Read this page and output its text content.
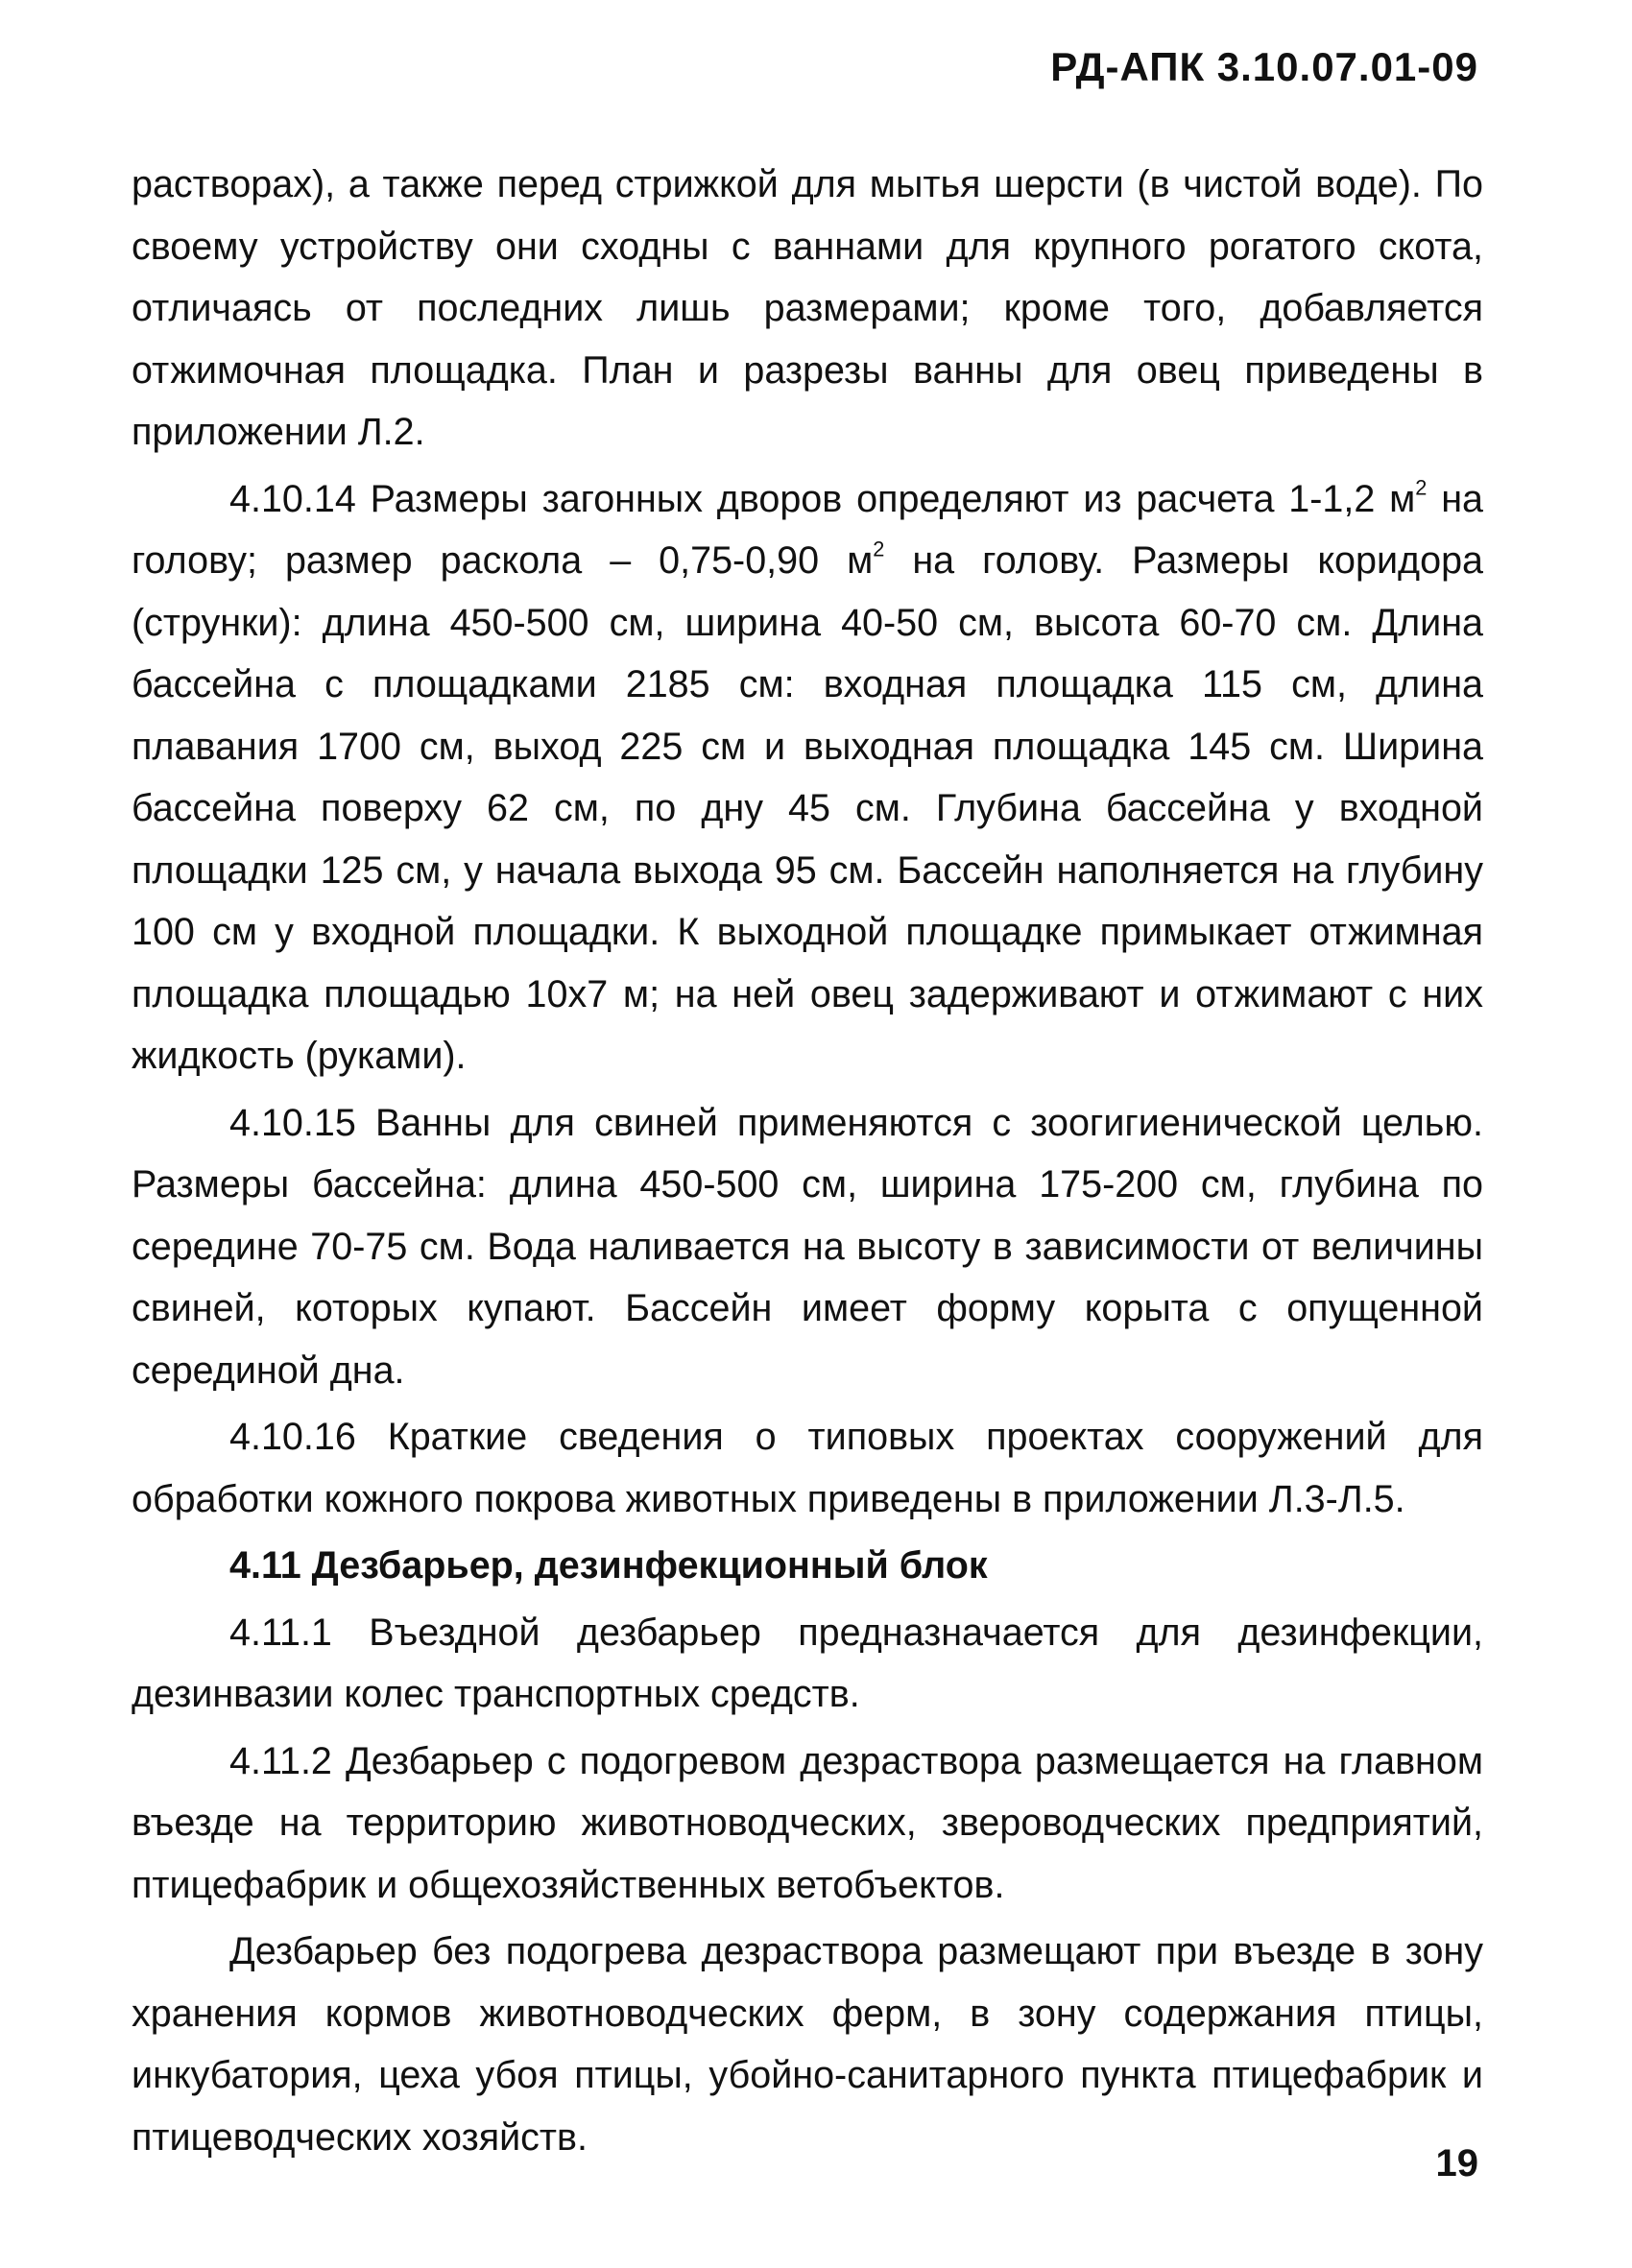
РД-АПК 3.10.07.01-09

растворах), а также перед стрижкой для мытья шерсти (в чистой воде). По своему устройству они сходны с ваннами для крупного рогатого скота, отличаясь от последних лишь размерами; кроме того, добавляется отжимочная площадка. План и разрезы ванны для овец приведены в приложении Л.2.

4.10.14 Размеры загонных дворов определяют из расчета 1-1,2 $м^2$ на голову; размер раскола – 0,75-0,90 $м^2$ на голову. Размеры коридора (струнки): длина 450-500 см, ширина 40-50 см, высота 60-70 см. Длина бассейна с площадками 2185 см: входная площадка 115 см, длина плавания 1700 см, выход 225 см и выходная площадка 145 см. Ширина бассейна поверху 62 см, по дну 45 см. Глубина бассейна у входной площадки 125 см, у начала выхода 95 см. Бассейн наполняется на глубину 100 см у входной площадки. К выходной площадке примыкает отжимная площадка площадью 10х7 м; на ней овец задерживают и отжимают с них жидкость (руками).

4.10.15 Ванны для свиней применяются с зоогигиенической целью. Размеры бассейна: длина 450-500 см, ширина 175-200 см, глубина по середине 70-75 см. Вода наливается на высоту в зависимости от величины свиней, которых купают. Бассейн имеет форму корыта с опущенной серединой дна.

4.10.16 Краткие сведения о типовых проектах сооружений для обработки кожного покрова животных приведены в приложении Л.3-Л.5.

4.11 Дезбарьер, дезинфекционный блок

4.11.1 Въездной дезбарьер предназначается для дезинфекции, дезинвазии колес транспортных средств.

4.11.2 Дезбарьер с подогревом дезраствора размещается на главном въезде на территорию животноводческих, звероводческих предприятий, птицефабрик и общехозяйственных ветобъектов.

Дезбарьер без подогрева дезраствора размещают при въезде в зону хранения кормов животноводческих ферм, в зону содержания птицы, инкубатория, цеха убоя птицы, убойно-санитарного пункта птицефабрик и птицеводческих хозяйств.

19
